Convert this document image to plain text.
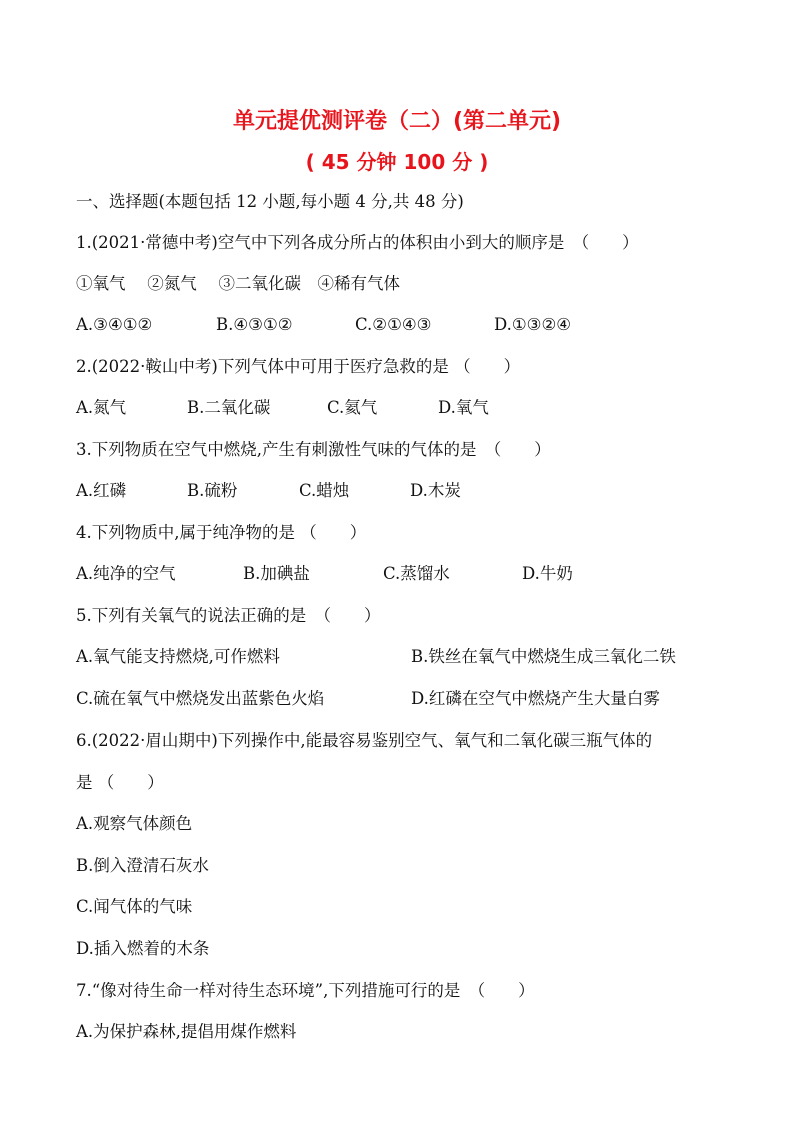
单元提优测评卷（二）(第二单元)
( 45 分钟 100 分 )
一、选择题(本题包括 12 小题,每小题 4 分,共 48 分)
1.(2021·常德中考)空气中下列各成分所占的体积由小到大的顺序是　（　　）
①氧气　 ②氮气　 ③二氧化碳　④稀有气体
A.③④①②	B.④③①②	C.②①④③	D.①③②④
2.(2022·鞍山中考)下列气体中可用于医疗急救的是 （　　）
A.氮气	B.二氧化碳	C.氦气	D.氧气
3.下列物质在空气中燃烧,产生有刺激性气味的气体的是　（　　）
A.红磷	B.硫粉	C.蜡烛	D.木炭
4.下列物质中,属于纯净物的是 （　　）
A.纯净的空气	B.加碘盐	C.蒸馏水	D.牛奶
5.下列有关氧气的说法正确的是　（　　）
A.氧气能支持燃烧,可作燃料	B.铁丝在氧气中燃烧生成三氧化二铁
C.硫在氧气中燃烧发出蓝紫色火焰	D.红磷在空气中燃烧产生大量白雾
6.(2022·眉山期中)下列操作中,能最容易鉴别空气、氧气和二氧化碳三瓶气体的
是 （　　）
A.观察气体颜色
B.倒入澄清石灰水
C.闻气体的气味
D.插入燃着的木条
7.“像对待生命一样对待生态环境”,下列措施可行的是　（　　）
A.为保护森林,提倡用煤作燃料
